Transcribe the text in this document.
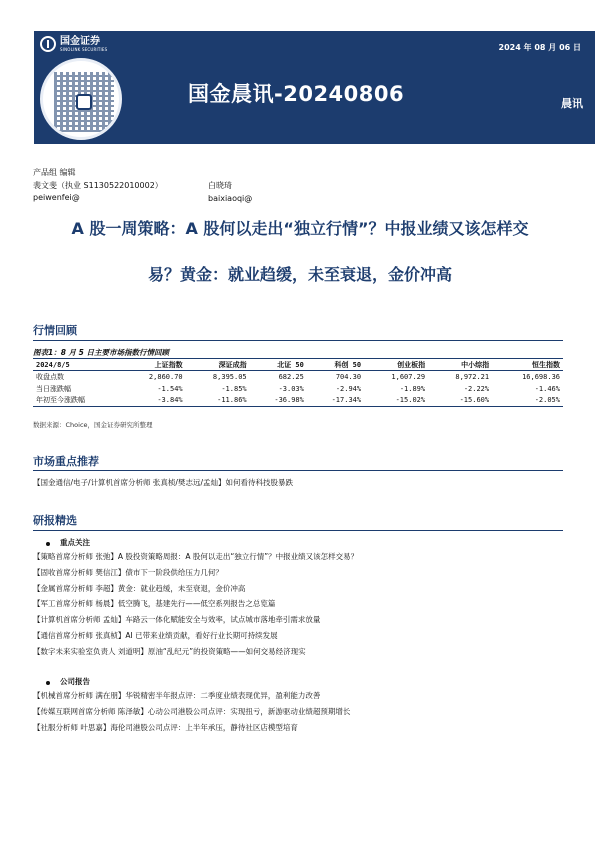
国金证券
SINOLINK SECURITIES	2024 年 08 月 06 日
国金晨讯-20240806	晨讯
产品组 编辑
裴文斐（执业 S1130522010002）
peiwenfei@
白晓琦
baixiaoqi@
A 股一周策略：A 股何以走出“独立行情”？中报业绩又该怎样交
易？黄金：就业趋缓，未至衰退，金价冲高
行情回顾
图表1：8 月 5 日主要市场指数行情回顾
2024/8/5	上证指数	深证成指	北证 50	科创 50	创业板指	中小综指	恒生指数
收盘点数	2,860.70	8,395.05	682.25	704.30	1,607.29	8,972.21	16,698.36
当日涨跌幅	-1.54%	-1.85%	-3.03%	-2.94%	-1.89%	-2.22%	-1.46%
年初至今涨跌幅	-3.84%	-11.86%	-36.98%	-17.34%	-15.02%	-15.60%	-2.05%
数据来源：Choice，国金证券研究所整理
市场重点推荐
【国金通信/电子/计算机首席分析师 张真桢/樊志远/孟灿】如何看待科技股暴跌
研报精选
重点关注
【策略首席分析师 张弛】A 股投资策略周报：A 股何以走出“独立行情”？中报业绩又该怎样交易？
【固收首席分析师 樊信江】债市下一阶段供给压力几何？
【金属首席分析师 李超】黄金：就业趋缓，未至衰退，金价冲高
【军工首席分析师 杨晨】低空腾飞，基建先行——低空系列报告之总览篇
【计算机首席分析师 孟灿】车路云一体化赋能安全与效率，试点城市落地牵引需求放量
【通信首席分析师 张真桢】AI 已带来业绩贡献，看好行业长期可持续发展
【数字未来实验室负责人 刘道明】原油“乱纪元”的投资策略——如何交易经济现实
公司报告
【机械首席分析师 满在朋】华锐精密半年报点评：二季度业绩表现优异，盈利能力改善
【传媒互联网首席分析师 陈泽敏】心动公司港股公司点评：实现扭亏，新游驱动业绩超预期增长
【社服分析师 叶思嘉】海伦司港股公司点评：上半年承压，静待社区店模型培育
